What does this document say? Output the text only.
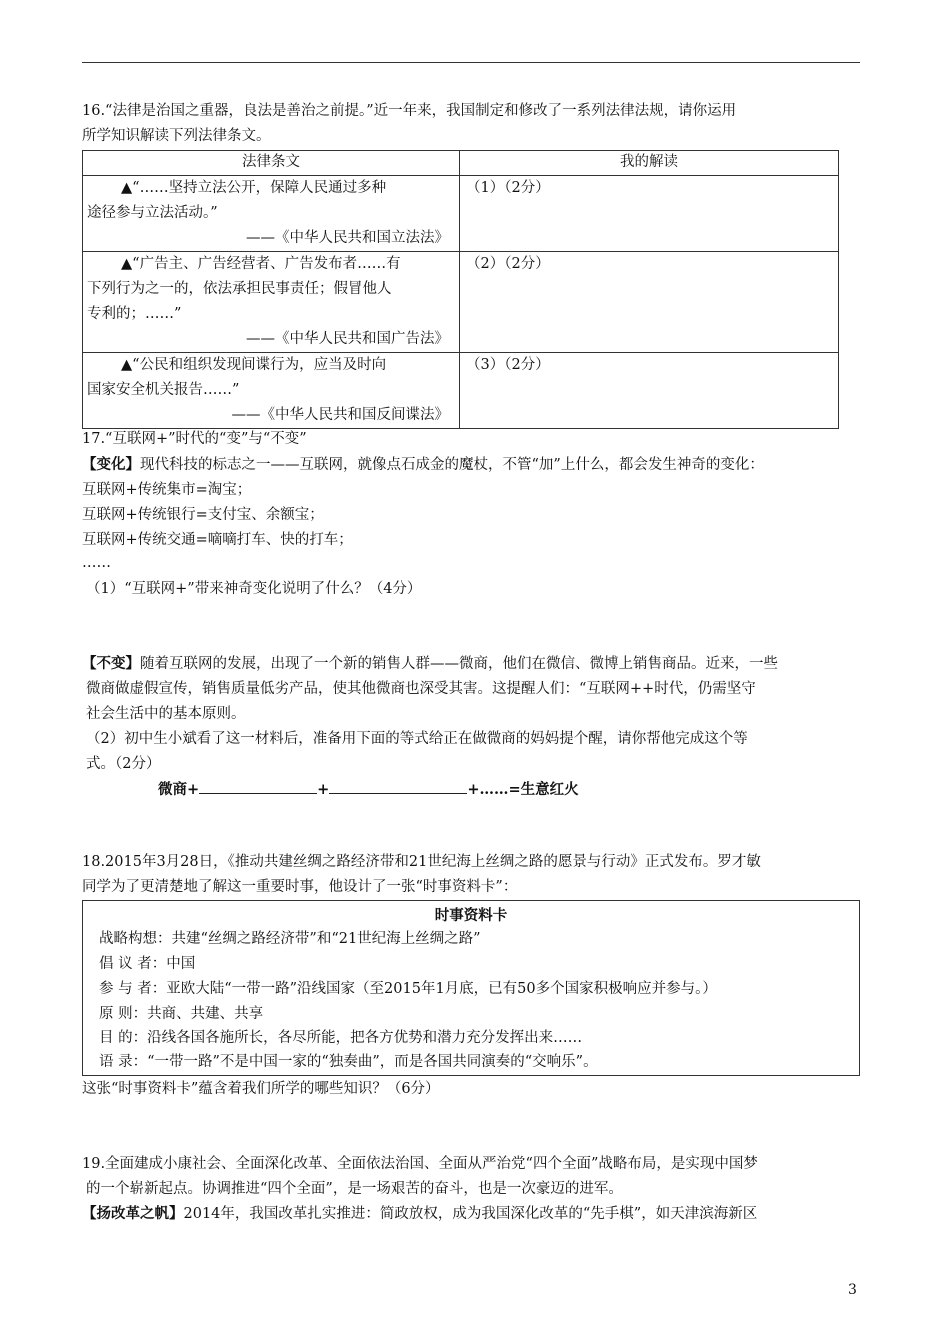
16.“法律是治国之重器，良法是善治之前提。”近一年来，我国制定和修改了一系列法律法规，请你运用
所学知识解读下列法律条文。
法律条文	我的解读

▲“……坚持立法公开，保障人民通过多种
途径参与立法活动。”
——《中华人民共和国立法法》	（1）（2分）

▲“广告主、广告经营者、广告发布者……有
下列行为之一的，依法承担民事责任；假冒他人
专利的；……”
——《中华人民共和国广告法》	（2）（2分）

▲“公民和组织发现间谍行为，应当及时向
国家安全机关报告……”
——《中华人民共和国反间谍法》	（3）（2分）
17.“互联网+”时代的“变”与“不变”
【变化】现代科技的标志之一——互联网，就像点石成金的魔杖，不管“加”上什么，都会发生神奇的变化：
互联网+传统集市=淘宝；
互联网+传统银行=支付宝、余额宝；
互联网+传统交通=嘀嘀打车、快的打车；
……
（1）“互联网+”带来神奇变化说明了什么？（4分）
【不变】随着互联网的发展，出现了一个新的销售人群——微商，他们在微信、微博上销售商品。近来，一些
微商做虚假宣传，销售质量低劣产品，使其他微商也深受其害。这提醒人们：“互联网++时代，仍需坚守
社会生活中的基本原则。
（2）初中生小斌看了这一材料后，准备用下面的等式给正在做微商的妈妈提个醒，请你帮他完成这个等
式。（2分）
微商+	+	+……=生意红火
18.2015年3月28日，《推动共建丝绸之路经济带和21世纪海上丝绸之路的愿景与行动》正式发布。罗才敏
同学为了更清楚地了解这一重要时事，他设计了一张“时事资料卡”：
时事资料卡
战略构想：共建“丝绸之路经济带”和“21世纪海上丝绸之路”
倡 议 者：中国
参 与 者：亚欧大陆“一带一路”沿线国家（至2015年1月底，已有50多个国家积极响应并参与。）
原 则：共商、共建、共享
目 的：沿线各国各施所长，各尽所能，把各方优势和潜力充分发挥出来……
语 录：“一带一路”不是中国一家的“独奏曲”，而是各国共同演奏的“交响乐”。
这张“时事资料卡”蕴含着我们所学的哪些知识？（6分）
19.全面建成小康社会、全面深化改革、全面依法治国、全面从严治党“四个全面”战略布局，是实现中国梦
的一个崭新起点。协调推进“四个全面”，是一场艰苦的奋斗，也是一次豪迈的进军。
【扬改革之帆】2014年，我国改革扎实推进：简政放权，成为我国深化改革的“先手棋”，如天津滨海新区
3
